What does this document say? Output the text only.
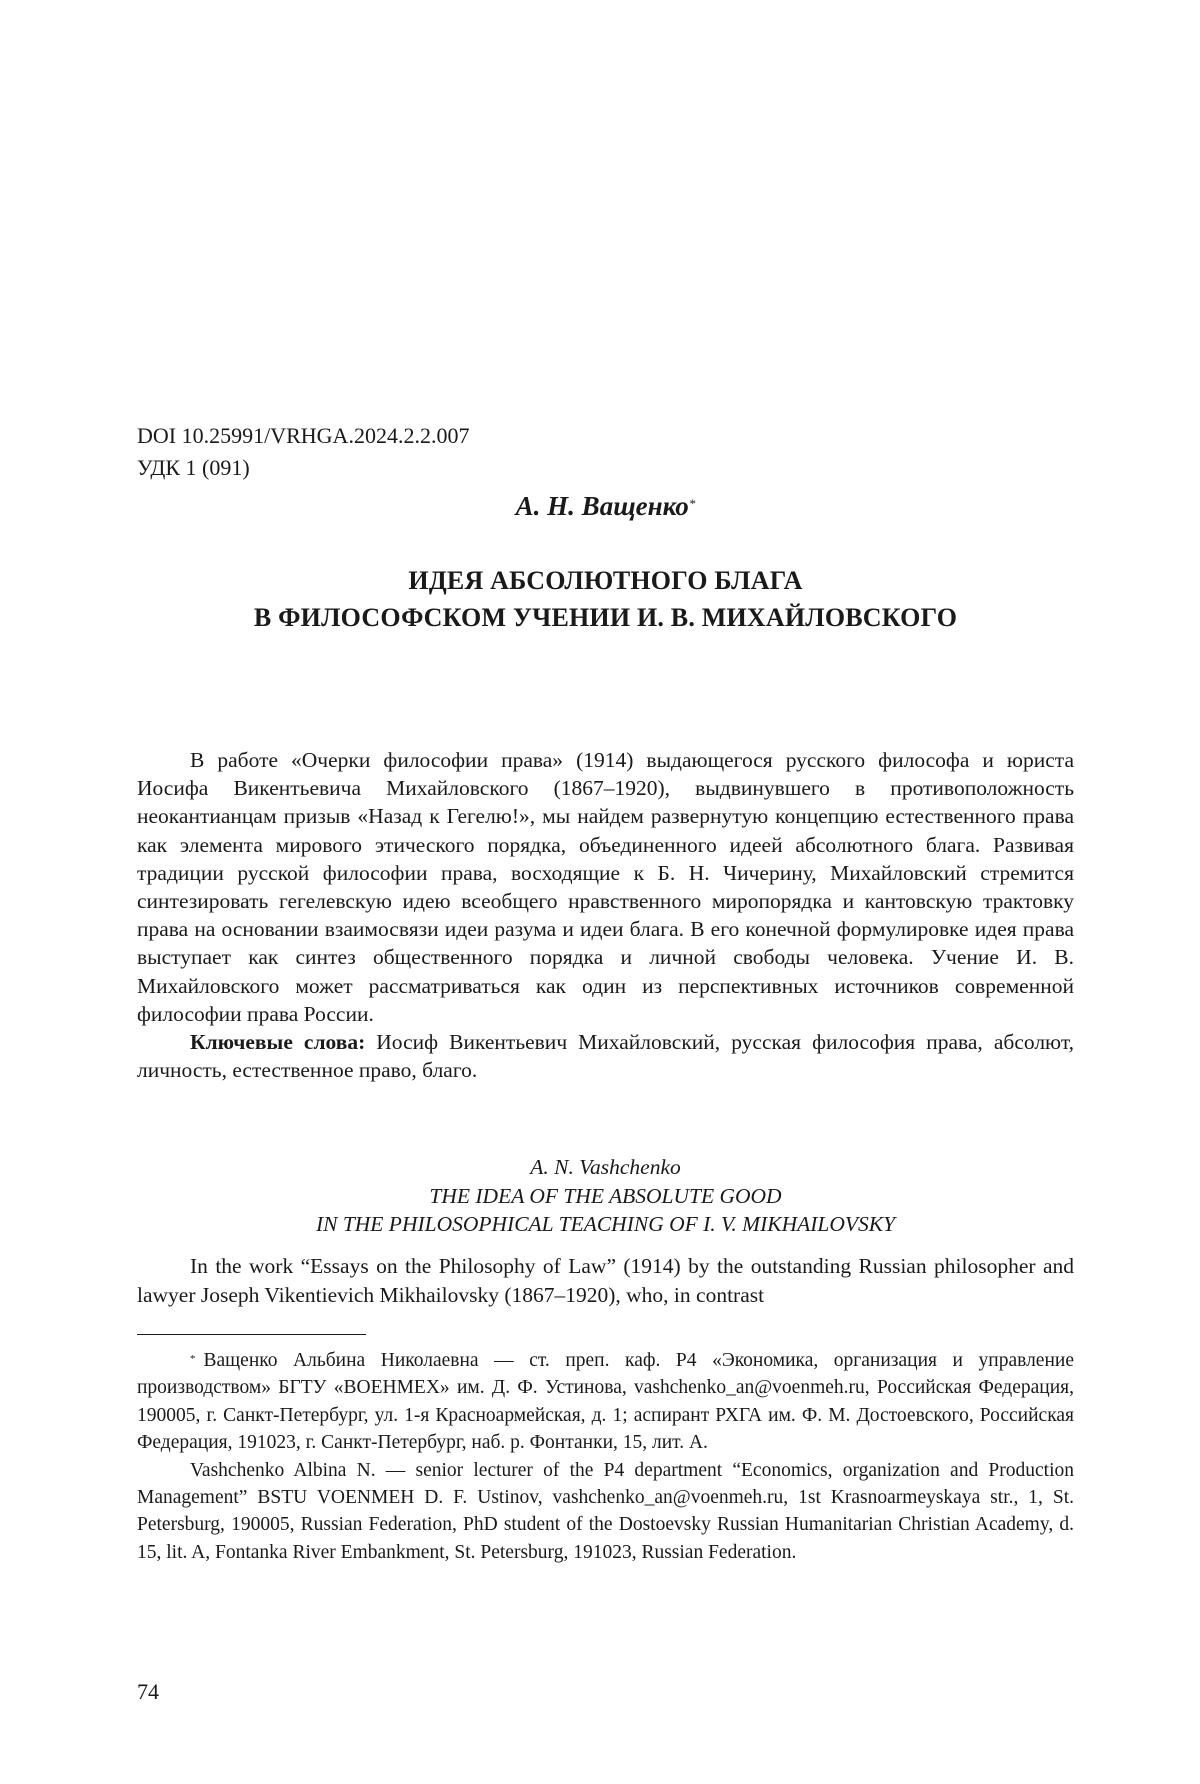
DOI 10.25991/VRHGA.2024.2.2.007
УДК 1 (091)
А. Н. Ващенко*
ИДЕЯ АБСОЛЮТНОГО БЛАГА
В ФИЛОСОФСКОМ УЧЕНИИ И. В. МИХАЙЛОВСКОГО

В работе «Очерки философии права» (1914) выдающегося русского философа и юриста Иосифа Викентьевича Михайловского (1867–1920), выдвинувшего в противоположность неокантианцам призыв «Назад к Гегелю!», мы найдем развернутую концепцию естественного права как элемента мирового этического порядка, объединенного идеей абсолютного блага. Развивая традиции русской философии права, восходящие к Б. Н. Чичерину, Михайловский стремится синтезировать гегелевскую идею всеобщего нравственного миропорядка и кантовскую трактовку права на основании взаимосвязи идеи разума и идеи блага. В его конечной формулировке идея права выступает как синтез общественного порядка и личной свободы человека. Учение И. В. Михайловского может рассматриваться как один из перспективных источников современной философии права России.

Ключевые слова: Иосиф Викентьевич Михайловский, русская философия права, абсолют, личность, естественное право, благо.

A. N. Vashchenko
THE IDEA OF THE ABSOLUTE GOOD
IN THE PHILOSOPHICAL TEACHING OF I. V. MIKHAILOVSKY

In the work “Essays on the Philosophy of Law” (1914) by the outstanding Russian philosopher and lawyer Joseph Vikentievich Mikhailovsky (1867–1920), who, in contrast

* Ващенко Альбина Николаевна — ст. преп. каф. Р4 «Экономика, организация и управление производством» БГТУ «ВОЕНМЕХ» им. Д. Ф. Устинова, vashchenko_an@voenmeh.ru, Российская Федерация, 190005, г. Санкт-Петербург, ул. 1-я Красноармейская, д. 1; аспирант РХГА им. Ф. М. Достоевского, Российская Федерация, 191023, г. Санкт-Петербург, наб. р. Фонтанки, 15, лит. А.

Vashchenko Albina N. — senior lecturer of the P4 department “Economics, organization and Production Management” BSTU VOENMEH D. F. Ustinov, vashchenko_an@voenmeh.ru, 1st Krasnoarmeyskaya str., 1, St. Petersburg, 190005, Russian Federation, PhD student of the Dostoevsky Russian Humanitarian Christian Academy, d. 15, lit. A, Fontanka River Embankment, St. Petersburg, 191023, Russian Federation.

74
